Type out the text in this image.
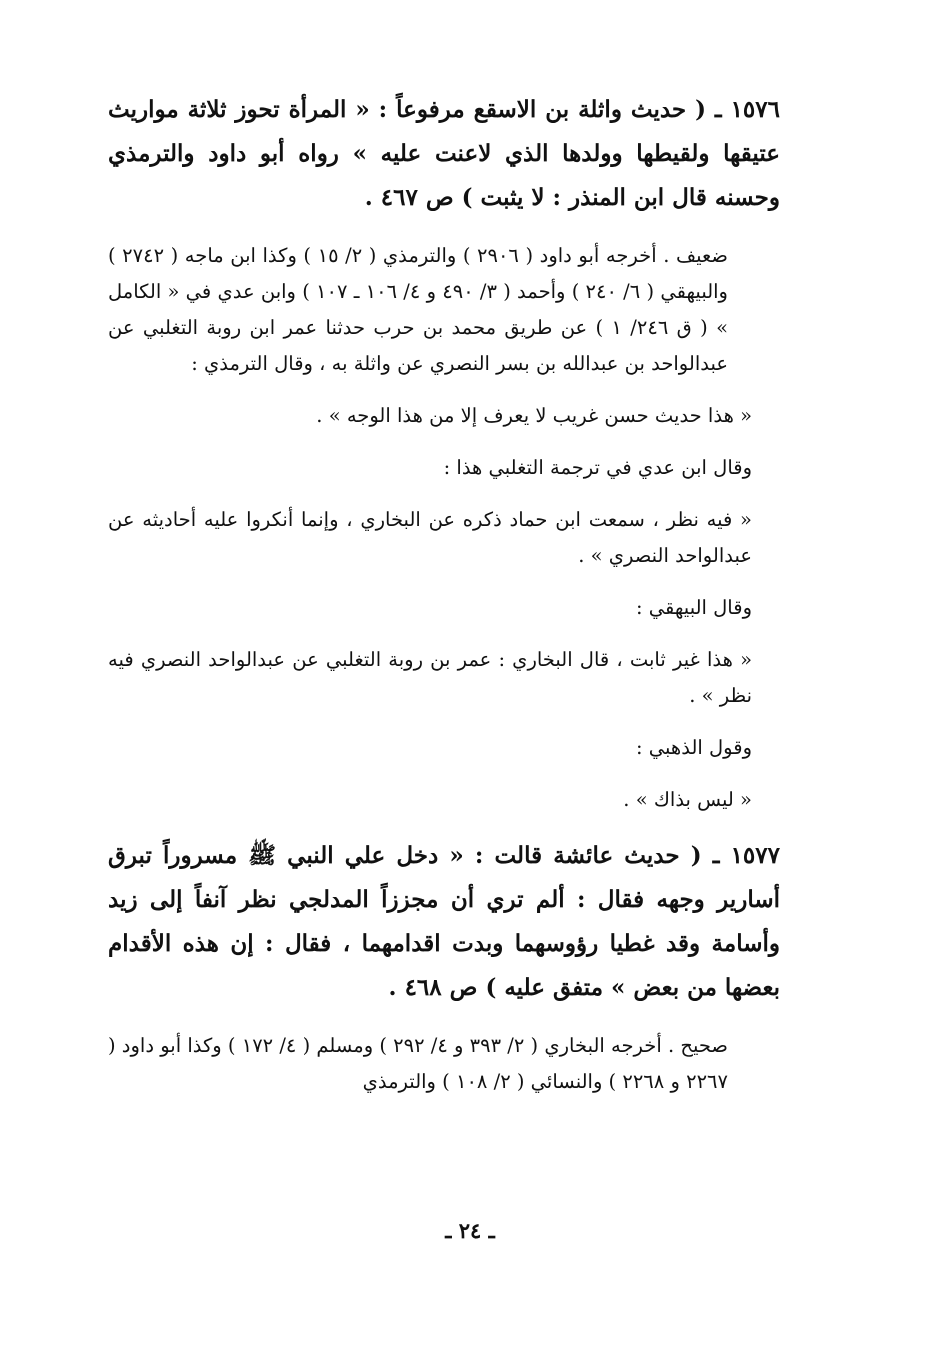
١٥٧٦ ـ ( حديث واثلة بن الاسقع مرفوعاً : « المرأة تحوز ثلاثة مواريث عتيقها ولقيطها وولدها الذي لاعنت عليه » رواه أبو داود والترمذي وحسنه قال ابن المنذر : لا يثبت ) ص ٤٦٧ .

ضعيف . أخرجه أبو داود ( ٢٩٠٦ ) والترمذي ( ٢/ ١٥ ) وكذا ابن ماجه ( ٢٧٤٢ ) والبيهقي ( ٦/ ٢٤٠ ) وأحمد ( ٣/ ٤٩٠ و ٤/ ١٠٦ ـ ١٠٧ ) وابن عدي في « الكامل » ( ق ٢٤٦/ ١ ) عن طريق محمد بن حرب حدثنا عمر ابن روبة التغلبي عن عبدالواحد بن عبدالله بن بسر النصري عن واثلة به ، وقال الترمذي :

« هذا حديث حسن غريب لا يعرف إلا من هذا الوجه » .

وقال ابن عدي في ترجمة التغلبي هذا :

« فيه نظر ، سمعت ابن حماد ذكره عن البخاري ، وإنما أنكروا عليه أحاديثه عن عبدالواحد النصري » .

وقال البيهقي :

« هذا غير ثابت ، قال البخاري : عمر بن روبة التغلبي عن عبدالواحد النصري فيه نظر » .

وقول الذهبي :

« ليس بذاك » .

١٥٧٧ ـ ( حديث عائشة قالت : « دخل علي النبي ﷺ مسروراً تبرق أسارير وجهه فقال : ألم تري أن مجززاً المدلجي نظر آنفاً إلى زيد وأسامة وقد غطيا رؤوسهما وبدت اقدامهما ، فقال : إن هذه الأقدام بعضها من بعض » متفق عليه ) ص ٤٦٨ .

صحيح . أخرجه البخاري ( ٢/ ٣٩٣ و ٤/ ٢٩٢ ) ومسلم ( ٤/ ١٧٢ ) وكذا أبو داود ( ٢٢٦٧ و ٢٢٦٨ ) والنسائي ( ٢/ ١٠٨ ) والترمذي

ـ ٢٤ ـ
